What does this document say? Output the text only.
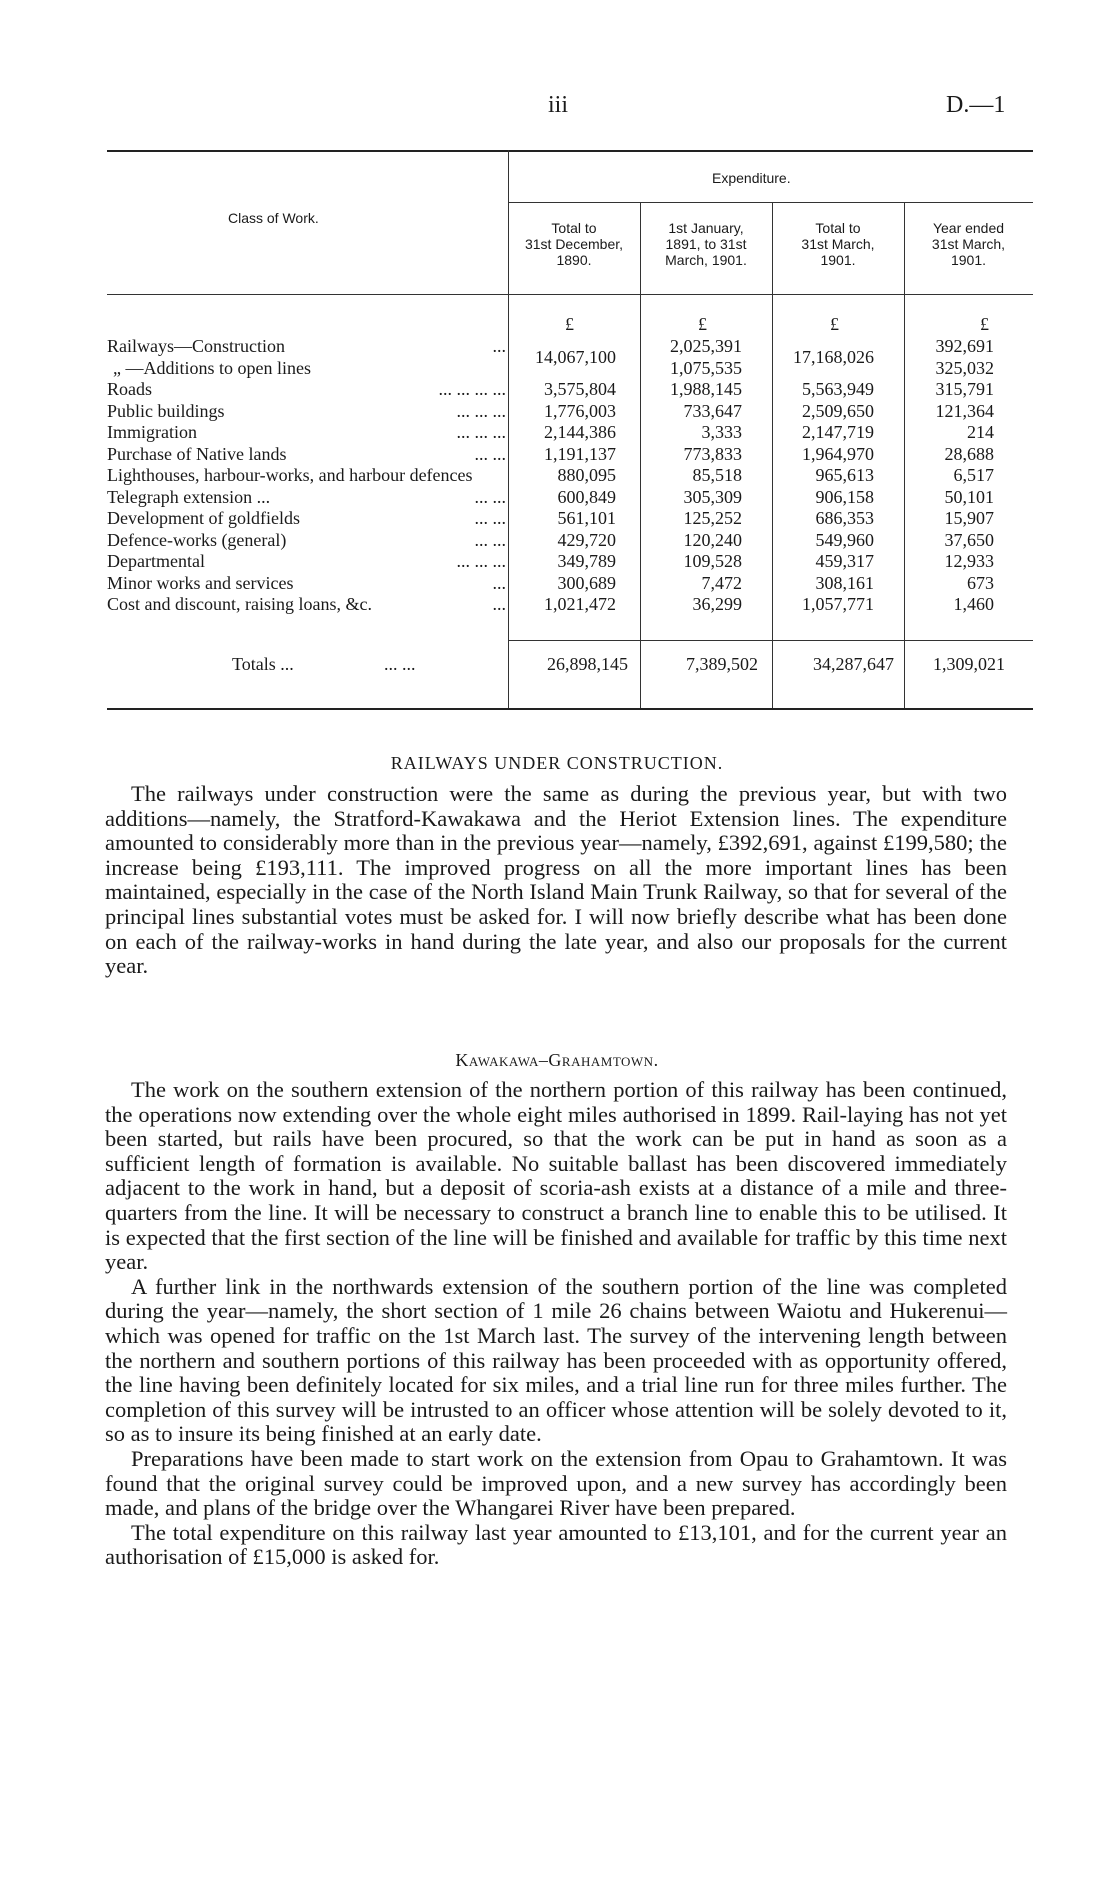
iii	D.—1
Class of Work.
Expenditure.
Total to
31st December,
1890.
1st January,
1891, to 31st
March, 1901.
Total to
31st March,
1901.
Year ended
31st March,
1901.
£	£	£	£
Railways—Construction ...	14,067,100	2,025,391	17,168,026	392,691
„ —Additions to open lines		1,075,535		325,032
Roads ... ... ... ...	3,575,804	1,988,145	5,563,949	315,791
Public buildings ... ... ...	1,776,003	733,647	2,509,650	121,364
Immigration ... ... ...	2,144,386	3,333	2,147,719	214
Purchase of Native lands ... ...	1,191,137	773,833	1,964,970	28,688
Lighthouses, harbour-works, and harbour defences	880,095	85,518	965,613	6,517
Telegraph extension ... ... ...	600,849	305,309	906,158	50,101
Development of goldfields ... ...	561,101	125,252	686,353	15,907
Defence-works (general) ... ...	429,720	120,240	549,960	37,650
Departmental ... ... ...	349,789	109,528	459,317	12,933
Minor works and services ...	300,689	7,472	308,161	673
Cost and discount, raising loans, &c. ...	1,021,472	36,299	1,057,771	1,460
Totals ...	... ...	26,898,145	7,389,502	34,287,647	1,309,021
RAILWAYS UNDER CONSTRUCTION.

The railways under construction were the same as during the previous year, but with two additions—namely, the Stratford-Kawakawa and the Heriot Extension lines. The expenditure amounted to considerably more than in the previous year—namely, £392,691, against £199,580; the increase being £193,111. The improved progress on all the more important lines has been maintained, especially in the case of the North Island Main Trunk Railway, so that for several of the principal lines substantial votes must be asked for. I will now briefly describe what has been done on each of the railway-works in hand during the late year, and also our proposals for the current year.

Kawakawa–Grahamtown.

The work on the southern extension of the northern portion of this railway has been continued, the operations now extending over the whole eight miles authorised in 1899. Rail-laying has not yet been started, but rails have been procured, so that the work can be put in hand as soon as a sufficient length of formation is available. No suitable ballast has been discovered immediately adjacent to the work in hand, but a deposit of scoria-ash exists at a distance of a mile and three-quarters from the line. It will be necessary to construct a branch line to enable this to be utilised. It is expected that the first section of the line will be finished and available for traffic by this time next year.

A further link in the northwards extension of the southern portion of the line was completed during the year—namely, the short section of 1 mile 26 chains between Waiotu and Hukerenui—which was opened for traffic on the 1st March last. The survey of the intervening length between the northern and southern portions of this railway has been proceeded with as opportunity offered, the line having been definitely located for six miles, and a trial line run for three miles further. The completion of this survey will be intrusted to an officer whose attention will be solely devoted to it, so as to insure its being finished at an early date.

Preparations have been made to start work on the extension from Opau to Grahamtown. It was found that the original survey could be improved upon, and a new survey has accordingly been made, and plans of the bridge over the Whangarei River have been prepared.

The total expenditure on this railway last year amounted to £13,101, and for the current year an authorisation of £15,000 is asked for.
